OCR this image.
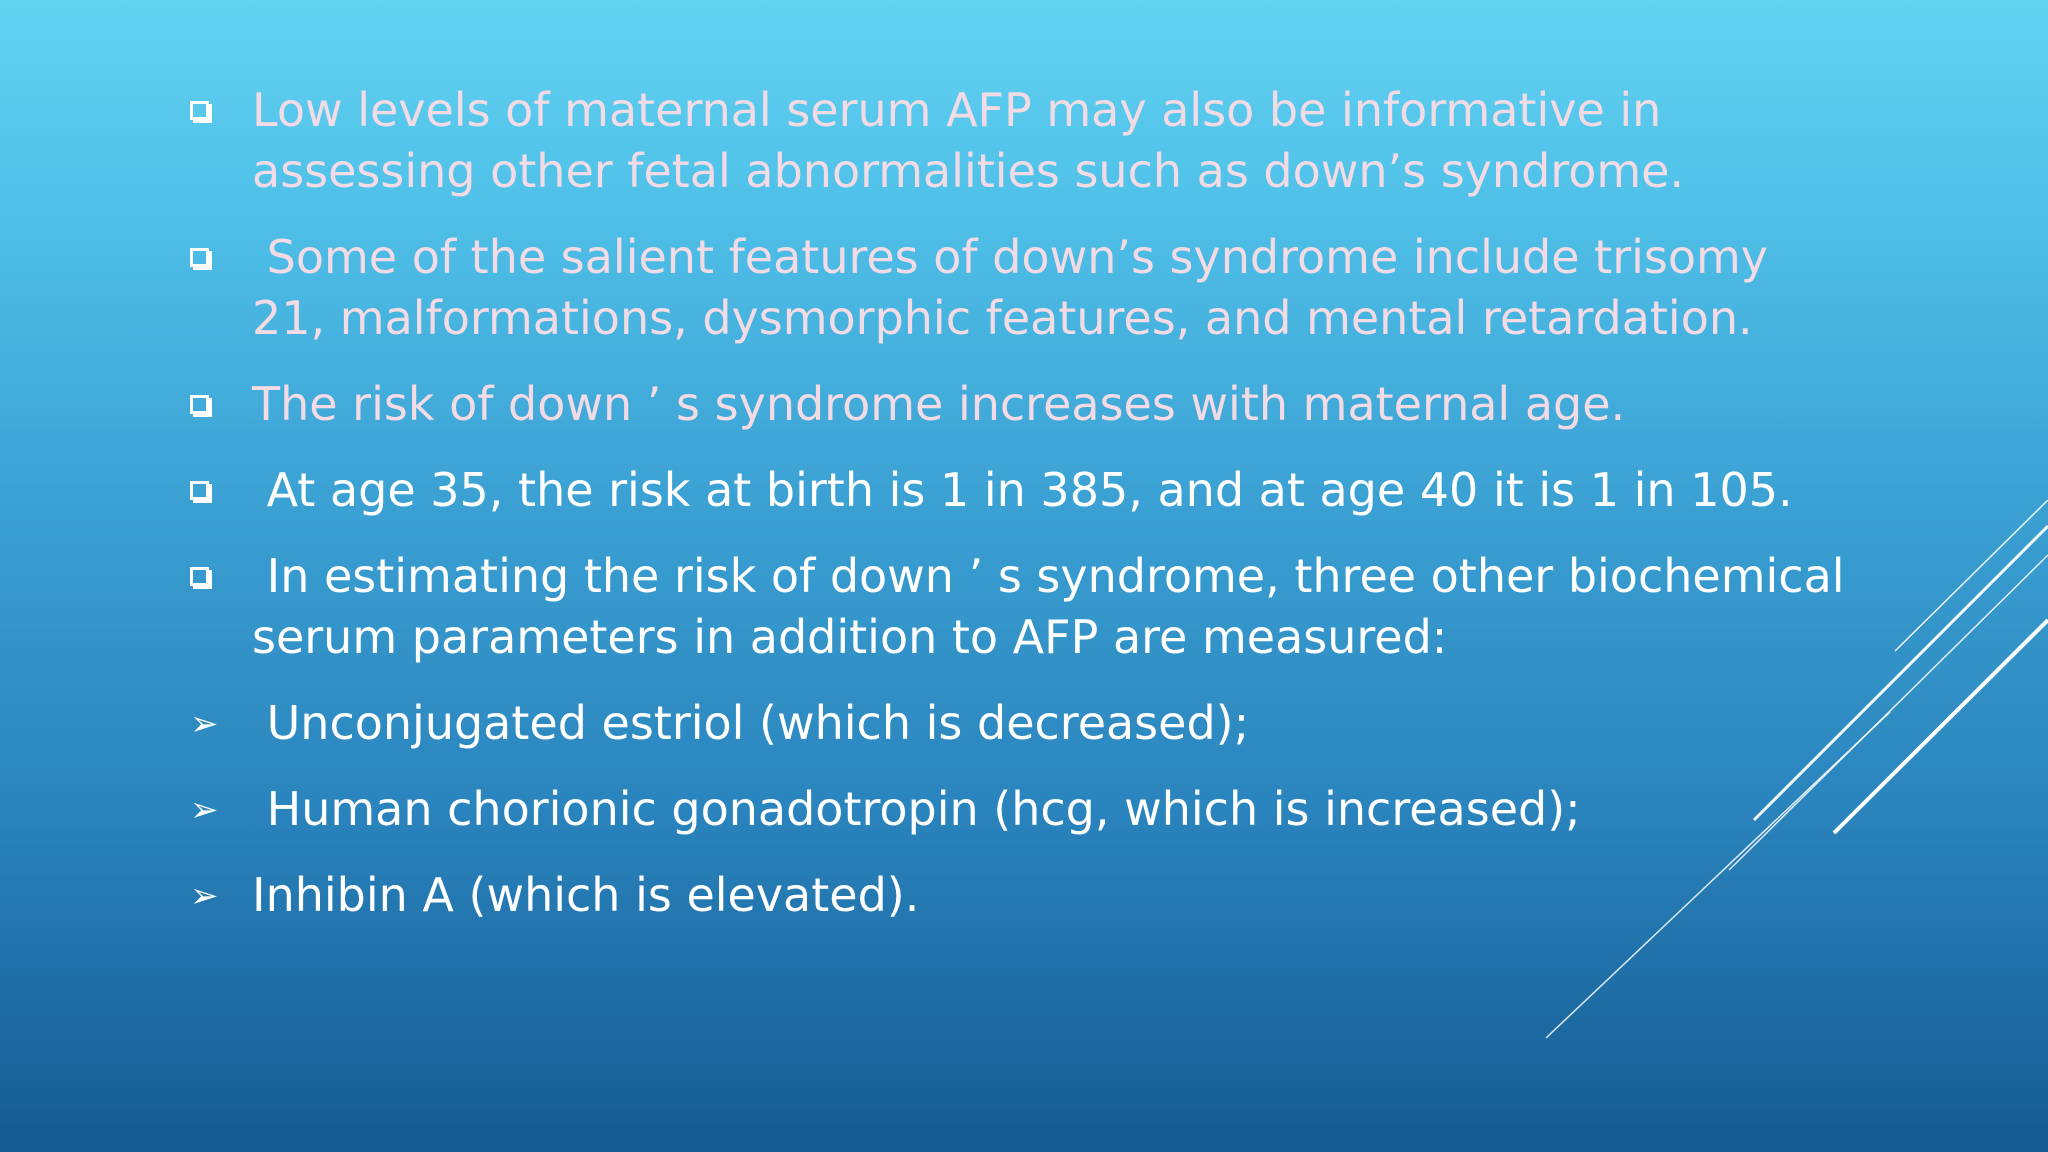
Low levels of maternal serum AFP may also be informative in assessing other fetal abnormalities such as down’s syndrome.
Some of the salient features of down’s syndrome include trisomy 21, malformations, dysmorphic features, and mental retardation.
The risk of down ’ s syndrome increases with maternal age.
At age 35, the risk at birth is 1 in 385, and at age 40 it is 1 in 105.
In estimating the risk of down ’ s syndrome, three other biochemical serum parameters in addition to AFP are measured:
➢ Unconjugated estriol (which is decreased);
➢ Human chorionic gonadotropin (hcg, which is increased);
➢ Inhibin A (which is elevated).
